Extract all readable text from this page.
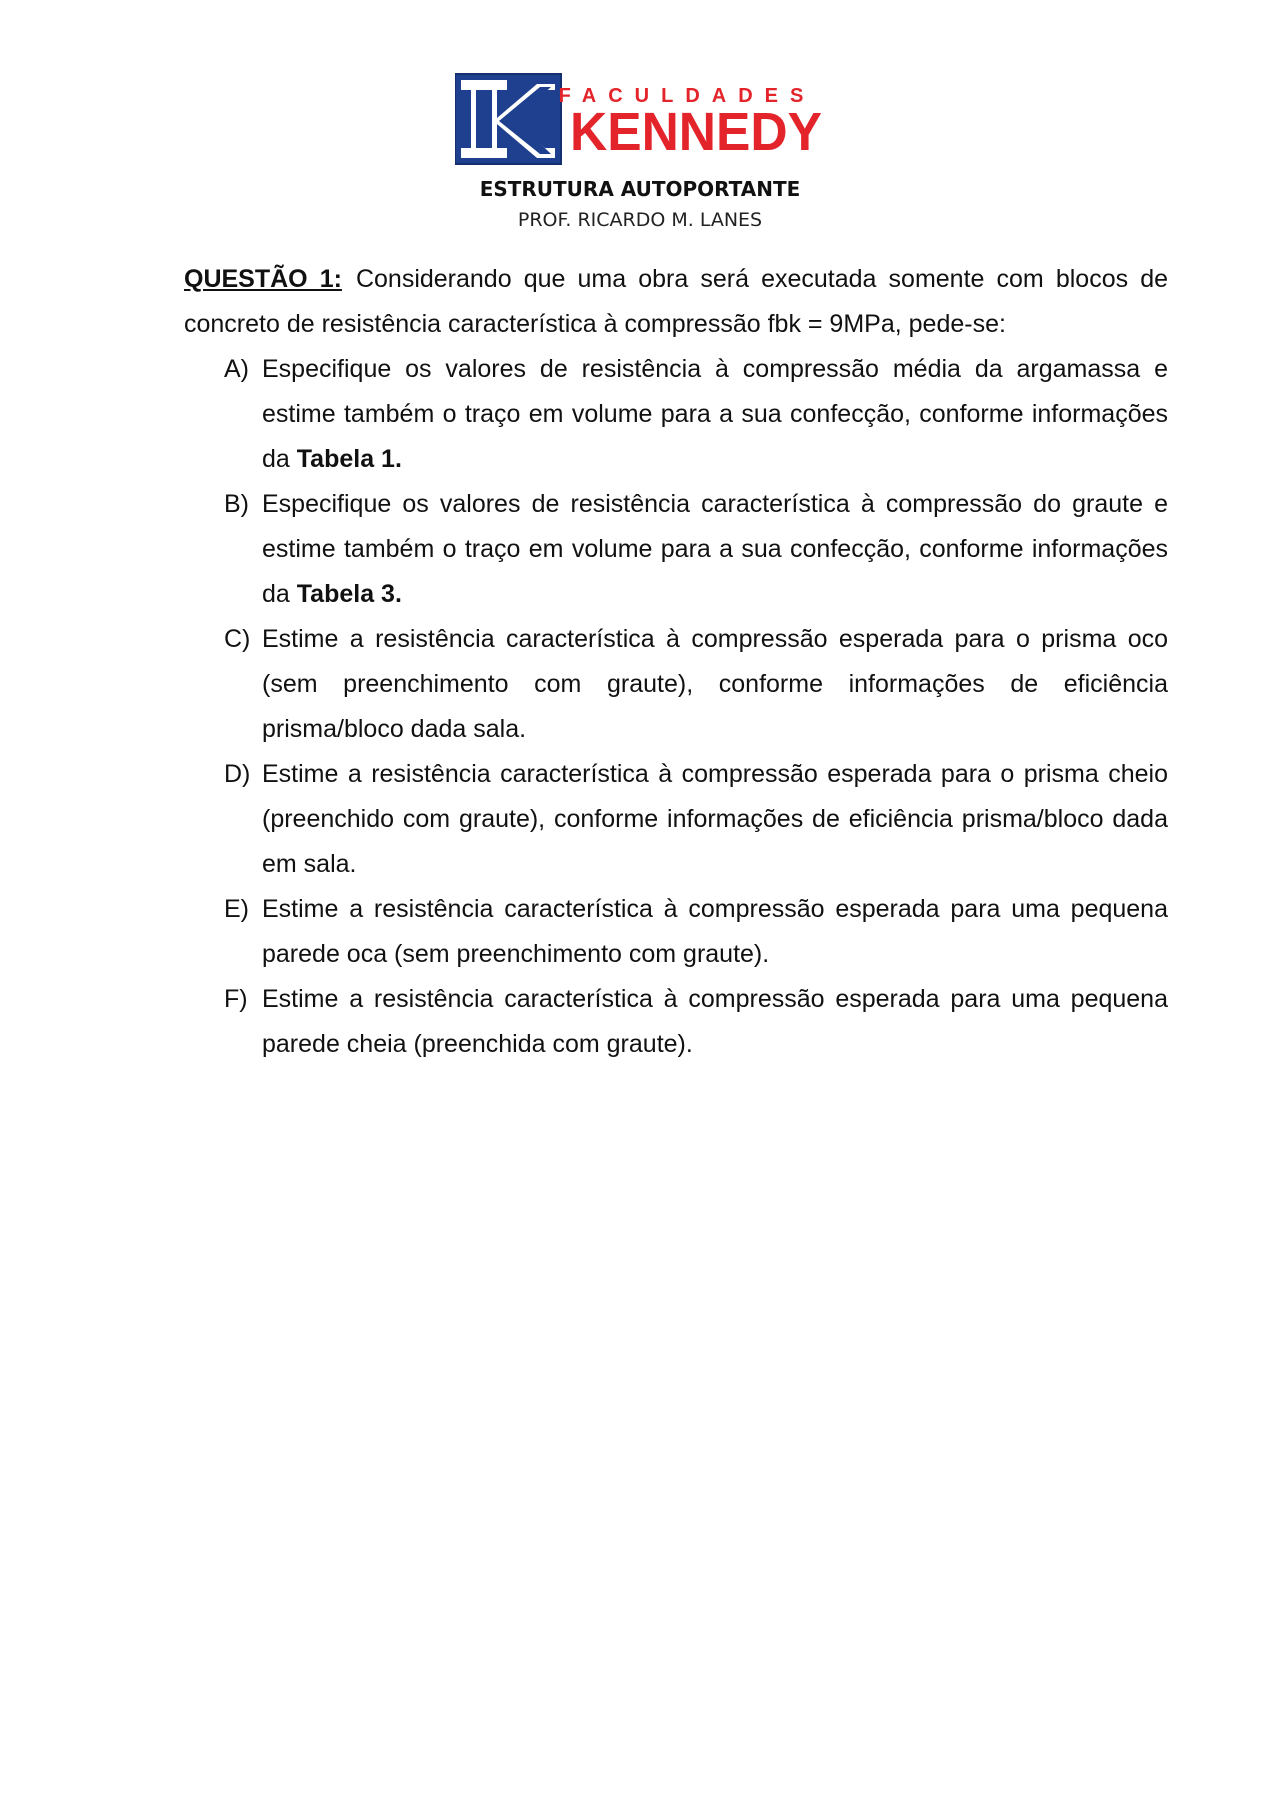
FACULDADES
KENNEDY
ESTRUTURA AUTOPORTANTE
PROF. RICARDO M. LANES
QUESTÃO 1: Considerando que uma obra será executada somente com blocos de concreto de resistência característica à compressão fbk = 9MPa, pede-se:
A) Especifique os valores de resistência à compressão média da argamassa e estime também o traço em volume para a sua confecção, conforme informações da Tabela 1.
B) Especifique os valores de resistência característica à compressão do graute e estime também o traço em volume para a sua confecção, conforme informações da Tabela 3.
C) Estime a resistência característica à compressão esperada para o prisma oco (sem preenchimento com graute), conforme informações de eficiência prisma/bloco dada sala.
D) Estime a resistência característica à compressão esperada para o prisma cheio (preenchido com graute), conforme informações de eficiência prisma/bloco dada em sala.
E) Estime a resistência característica à compressão esperada para uma pequena parede oca (sem preenchimento com graute).
F) Estime a resistência característica à compressão esperada para uma pequena parede cheia (preenchida com graute).
